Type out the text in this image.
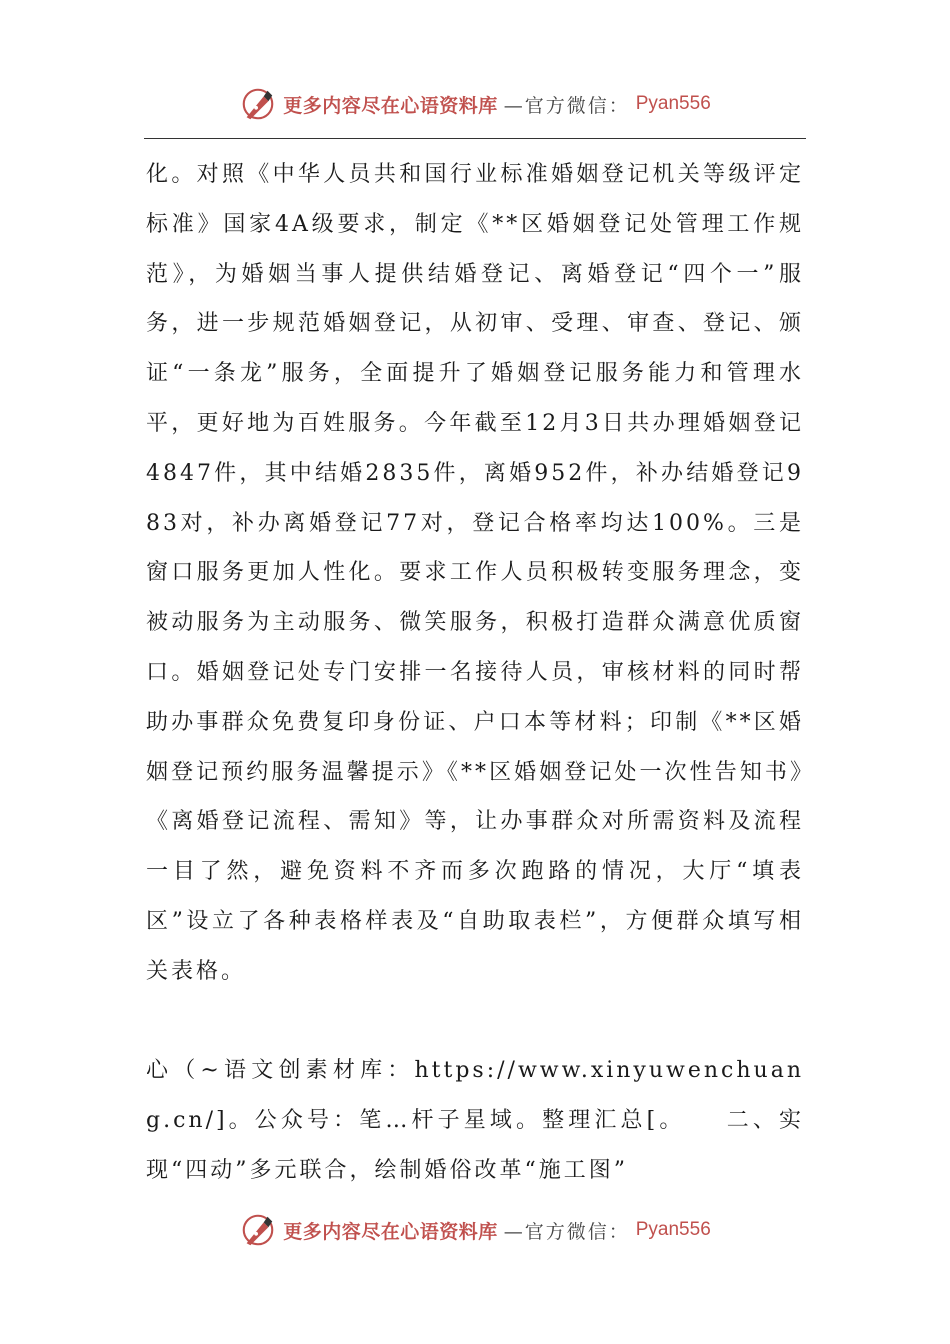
更多内容尽在心语资料库 —官方微信： Pyan556

化。对照《中华人员共和国行业标准婚姻登记机关等级评定标准》国家4A级要求，制定《**区婚姻登记处管理工作规范》，为婚姻当事人提供结婚登记、离婚登记“四个一”服务，进一步规范婚姻登记，从初审、受理、审查、登记、颁证“一条龙”服务，全面提升了婚姻登记服务能力和管理水平，更好地为百姓服务。今年截至12月3日共办理婚姻登记4847件，其中结婚2835件，离婚952件，补办结婚登记983对，补办离婚登记77对，登记合格率均达100%。三是窗口服务更加人性化。要求工作人员积极转变服务理念，变被动服务为主动服务、微笑服务，积极打造群众满意优质窗口。婚姻登记处专门安排一名接待人员，审核材料的同时帮助办事群众免费复印身份证、户口本等材料；印制《**区婚姻登记预约服务温馨提示》《**区婚姻登记处一次性告知书》《离婚登记流程、需知》等，让办事群众对所需资料及流程一目了然，避免资料不齐而多次跑路的情况，大厅“填表区”设立了各种表格样表及“自助取表栏”，方便群众填写相关表格。

心（~语文创素材库：https://www.xinyuwenchuang.cn/]。公众号：笔…杆子星域。整理汇总[。　　二、实现“四动”多元联合，绘制婚俗改革“施工图”

更多内容尽在心语资料库 —官方微信： Pyan556
